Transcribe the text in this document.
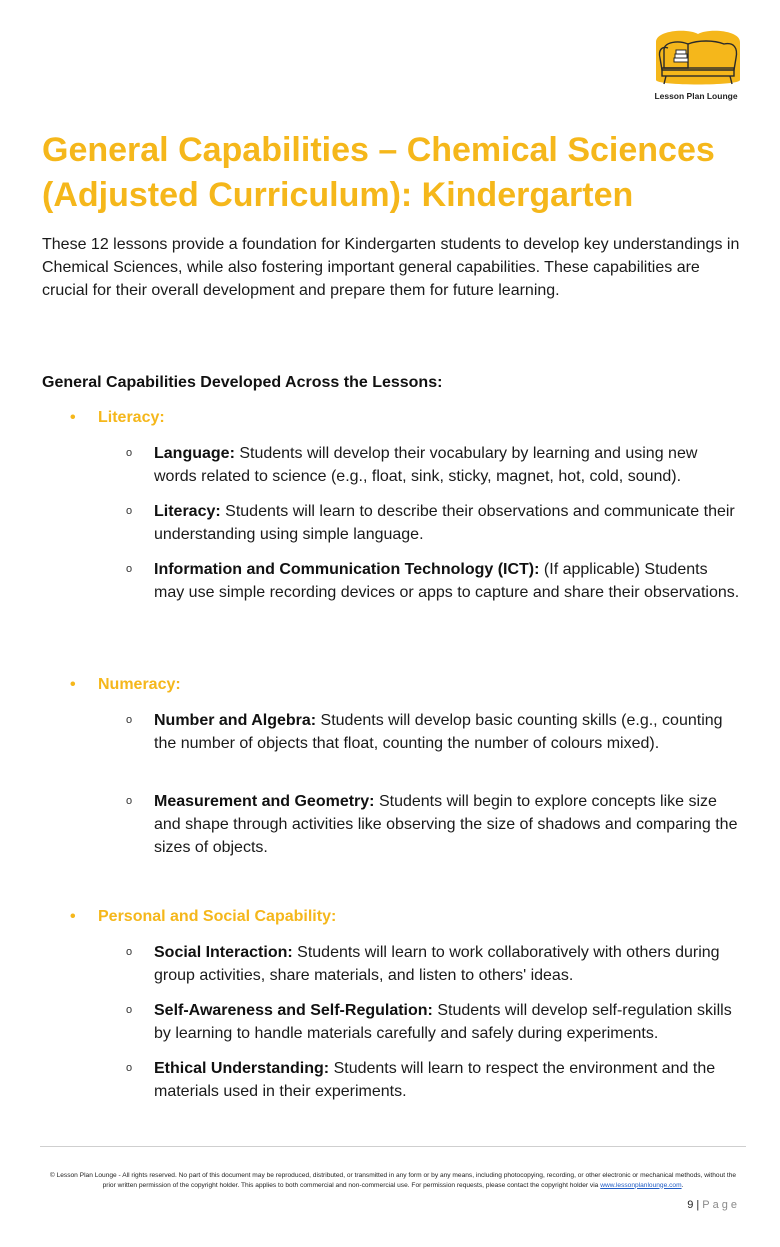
Lesson Plan Lounge
General Capabilities – Chemical Sciences (Adjusted Curriculum): Kindergarten

These 12 lessons provide a foundation for Kindergarten students to develop key understandings in Chemical Sciences, while also fostering important general capabilities. These capabilities are crucial for their overall development and prepare them for future learning.

General Capabilities Developed Across the Lessons:

• Literacy:

o	Language: Students will develop their vocabulary by learning and using new words related to science (e.g., float, sink, sticky, magnet, hot, cold, sound).
o	Literacy: Students will learn to describe their observations and communicate their understanding using simple language.
o	Information and Communication Technology (ICT): (If applicable) Students may use simple recording devices or apps to capture and share their observations.

• Numeracy:

o	Number and Algebra: Students will develop basic counting skills (e.g., counting the number of objects that float, counting the number of colours mixed).
o	Measurement and Geometry: Students will begin to explore concepts like size and shape through activities like observing the size of shadows and comparing the sizes of objects.

• Personal and Social Capability:

o	Social Interaction: Students will learn to work collaboratively with others during group activities, share materials, and listen to others' ideas.
o	Self-Awareness and Self-Regulation: Students will develop self-regulation skills by learning to handle materials carefully and safely during experiments.
o	Ethical Understanding: Students will learn to respect the environment and the materials used in their experiments.
© Lesson Plan Lounge - All rights reserved. No part of this document may be reproduced, distributed, or transmitted in any form or by any means, including photocopying, recording, or other electronic or mechanical methods, without the prior written permission of the copyright holder. This applies to both commercial and non-commercial use. For permission requests, please contact the copyright holder via www.lessonplanlounge.com.
9 | Page
